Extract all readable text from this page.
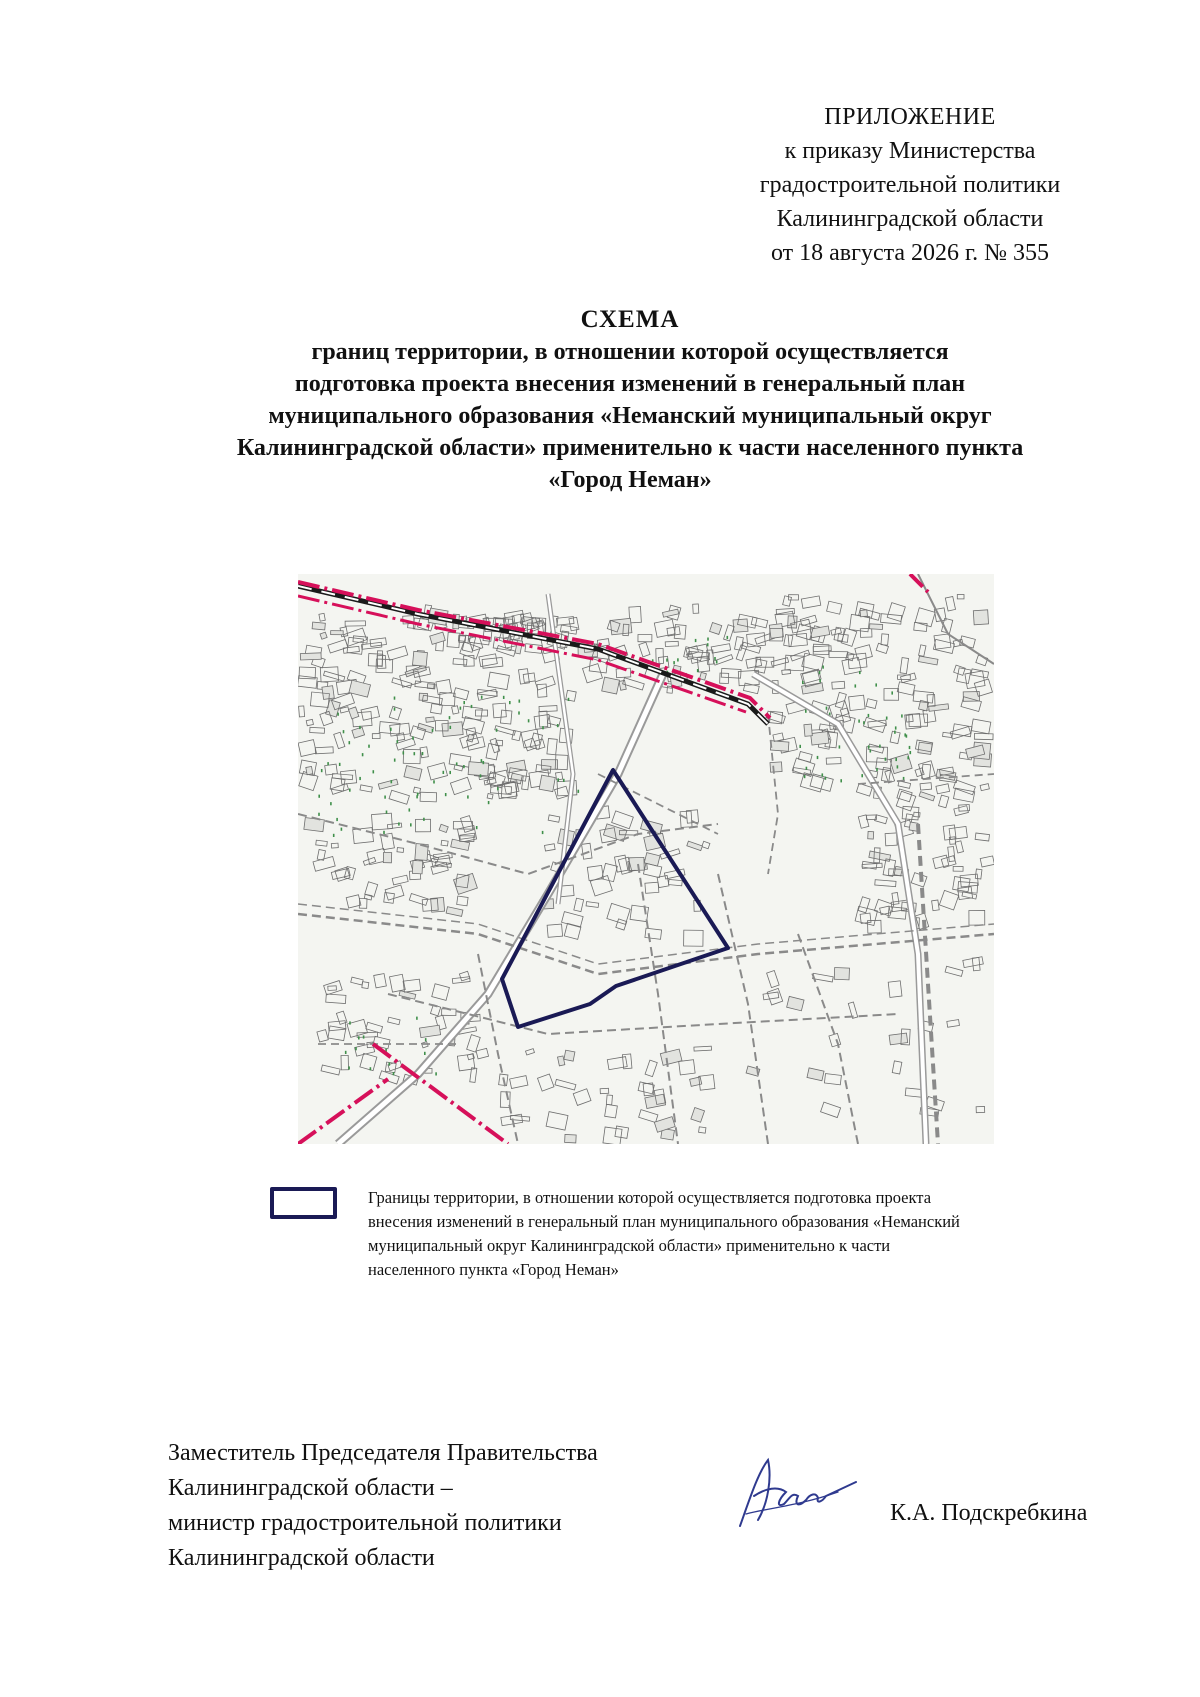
ПРИЛОЖЕНИЕ
к приказу Министерства
градостроительной политики
Калининградской области
от 18 августа 2026 г. № 355
СХЕМА
границ территории, в отношении которой осуществляется
подготовка проекта внесения изменений в генеральный план
муниципального образования «Неманский муниципальный округ
Калининградской области» применительно к части населенного пункта
«Город Неман»
Границы территории, в отношении которой осуществляется подготовка проекта
внесения изменений в генеральный план муниципального образования «Неманский
муниципальный округ Калининградской области» применительно к части
населенного пункта «Город Неман»
Заместитель Председателя Правительства
Калининградской области –
министр градостроительной политики
Калининградской области
К.А. Подскребкина
